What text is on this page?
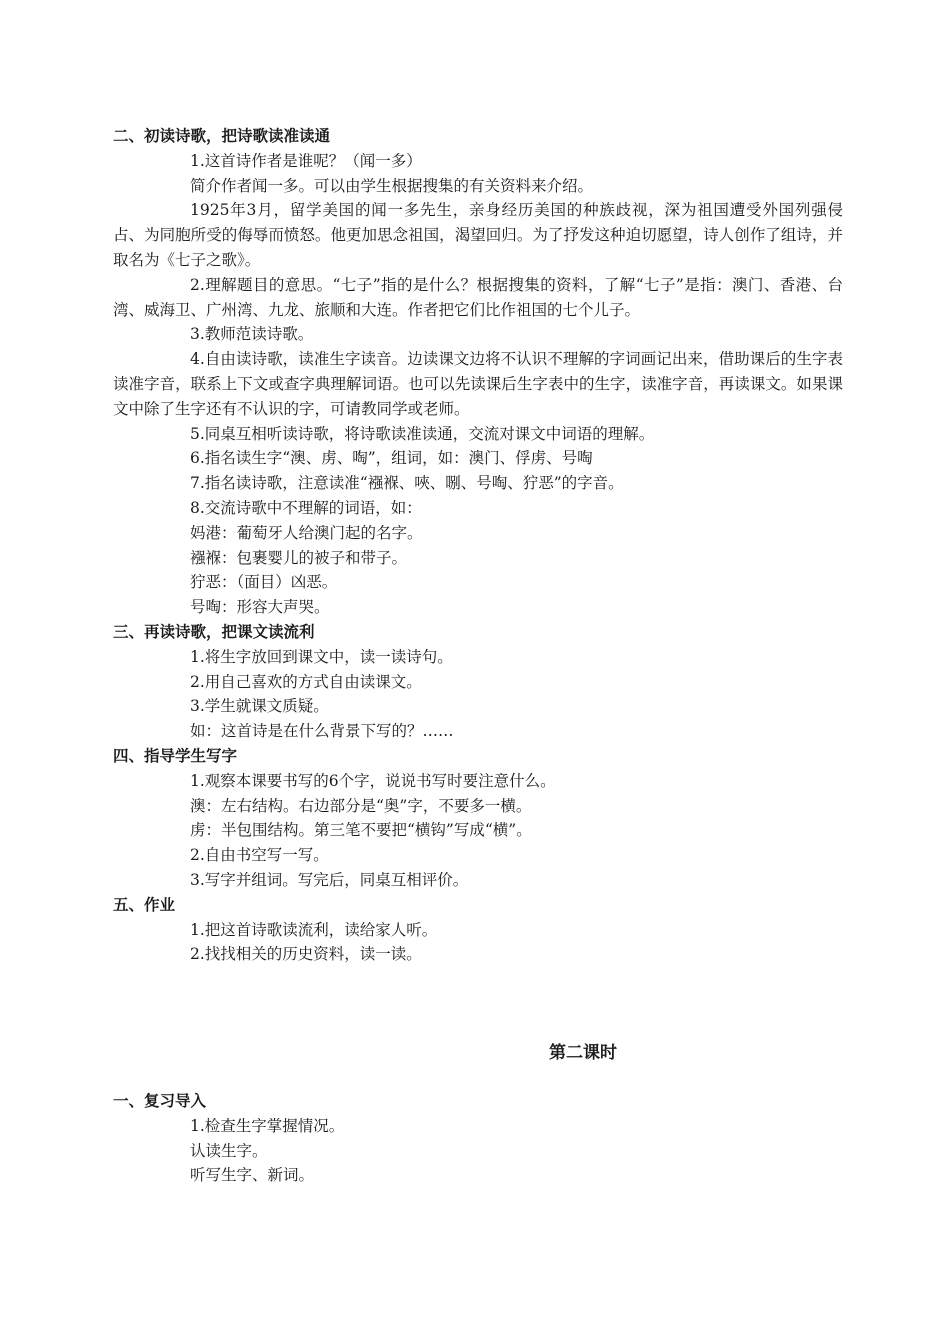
二、初读诗歌，把诗歌读准读通
1.这首诗作者是谁呢？（闻一多）
简介作者闻一多。可以由学生根据搜集的有关资料来介绍。

1925年3月，留学美国的闻一多先生，亲身经历美国的种族歧视，深为祖国遭受外国列强侵占、为同胞所受的侮辱而愤怒。他更加思念祖国，渴望回归。为了抒发这种迫切愿望，诗人创作了组诗，并取名为《七子之歌》。

2.理解题目的意思。“七子”指的是什么？根据搜集的资料，了解“七子”是指：澳门、香港、台湾、威海卫、广州湾、九龙、旅顺和大连。作者把它们比作祖国的七个儿子。

3.教师范读诗歌。

4.自由读诗歌，读准生字读音。边读课文边将不认识不理解的字词画记出来，借助课后的生字表读准字音，联系上下文或查字典理解词语。也可以先读课后生字表中的生字，读准字音，再读课文。如果课文中除了生字还有不认识的字，可请教同学或老师。

5.同桌互相听读诗歌，将诗歌读准读通，交流对课文中词语的理解。
6.指名读生字“澳、虏、啕”，组词，如：澳门、俘虏、号啕
7.指名读诗歌，注意读准“襁褓、唊、哵、号啕、狞恶”的字音。
8.交流诗歌中不理解的词语，如：
妈港：葡萄牙人给澳门起的名字。
襁褓：包裹婴儿的被子和带子。
狞恶：（面目）凶恶。
号啕：形容大声哭。
三、再读诗歌，把课文读流利
1.将生字放回到课文中，读一读诗句。
2.用自己喜欢的方式自由读课文。
3.学生就课文质疑。
如：这首诗是在什么背景下写的？……
四、指导学生写字
1.观察本课要书写的6个字，说说书写时要注意什么。
澳：左右结构。右边部分是“奥”字，不要多一横。
虏：半包围结构。第三笔不要把“横钩”写成“横”。
2.自由书空写一写。
3.写字并组词。写完后，同桌互相评价。
五、作业
1.把这首诗歌读流利，读给家人听。
2.找找相关的历史资料，读一读。
第二课时
一、复习导入
1.检查生字掌握情况。
认读生字。
听写生字、新词。
